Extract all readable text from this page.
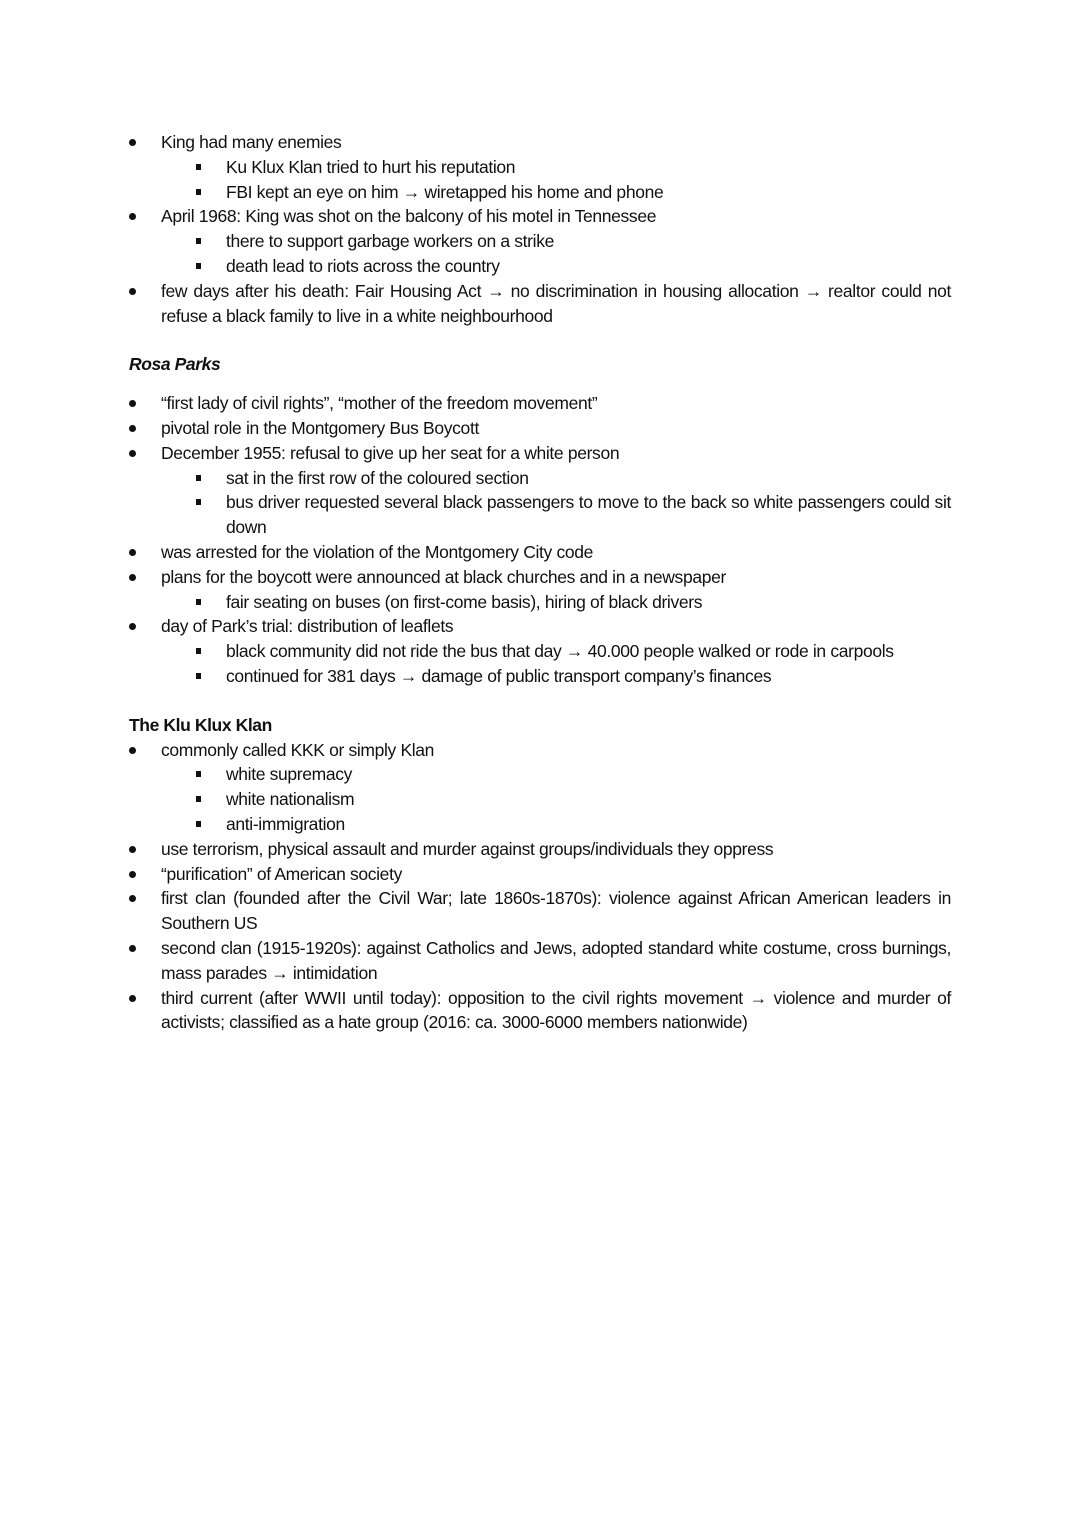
King had many enemies
Ku Klux Klan tried to hurt his reputation
FBI kept an eye on him → wiretapped his home and phone
April 1968: King was shot on the balcony of his motel in Tennessee
there to support garbage workers on a strike
death lead to riots across the country
few days after his death: Fair Housing Act → no discrimination in housing allocation → realtor could not refuse a black family to live in a white neighbourhood

Rosa Parks

“first lady of civil rights”, “mother of the freedom movement”
pivotal role in the Montgomery Bus Boycott
December 1955: refusal to give up her seat for a white person
sat in the first row of the coloured section
bus driver requested several black passengers to move to the back so white passengers could sit down
was arrested for the violation of the Montgomery City code
plans for the boycott were announced at black churches and in a newspaper
fair seating on buses (on first-come basis), hiring of black drivers
day of Park’s trial: distribution of leaflets
black community did not ride the bus that day → 40.000 people walked or rode in carpools
continued for 381 days → damage of public transport company’s finances

The Klu Klux Klan

commonly called KKK or simply Klan
white supremacy
white nationalism
anti-immigration
use terrorism, physical assault and murder against groups/individuals they oppress
“purification” of American society
first clan (founded after the Civil War; late 1860s-1870s): violence against African American leaders in Southern US
second clan (1915-1920s): against Catholics and Jews, adopted standard white costume, cross burnings, mass parades → intimidation
third current (after WWII until today): opposition to the civil rights movement → violence and murder of activists; classified as a hate group (2016: ca. 3000-6000 members nationwide)
